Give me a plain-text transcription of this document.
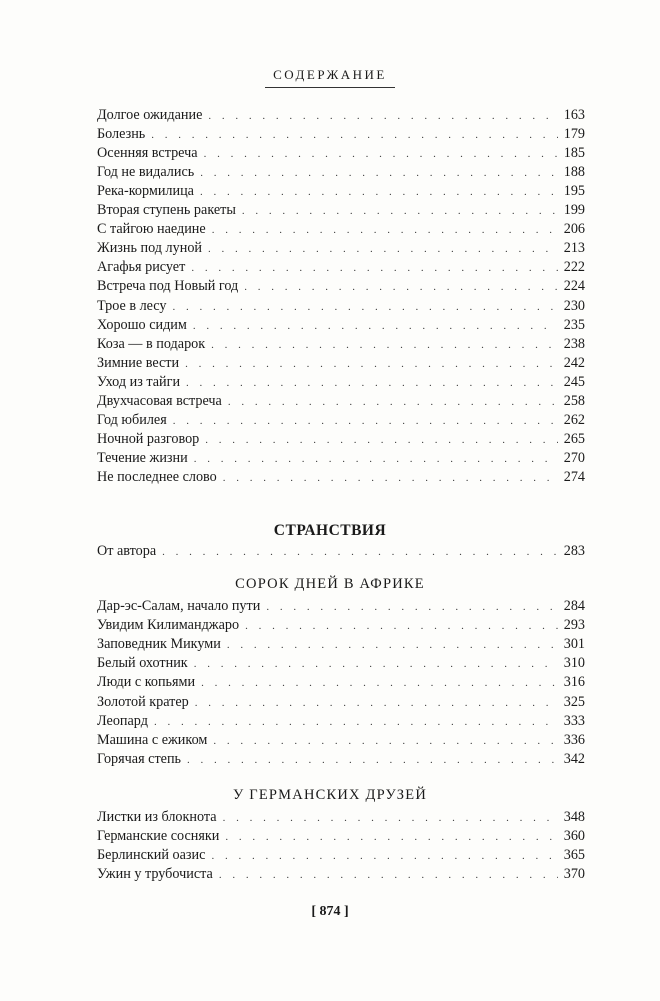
СОДЕРЖАНИЕ
Долгое ожидание . . .	163
Болезнь . . .	179
Осенняя встреча . . .	185
Год не видались . . .	188
Река-кормилица . . .	195
Вторая ступень ракеты . . .	199
С тайгою наедине . . .	206
Жизнь под луной . . .	213
Агафья рисует . . .	222
Встреча под Новый год . . .	224
Трое в лесу . . .	230
Хорошо сидим . . .	235
Коза — в подарок . . .	238
Зимние вести . . .	242
Уход из тайги . . .	245
Двухчасовая встреча . . .	258
Год юбилея . . .	262
Ночной разговор . . .	265
Течение жизни . . .	270
Не последнее слово . . .	274
СТРАНСТВИЯ
От автора . . .	283
СОРОК ДНЕЙ В АФРИКЕ
Дар-эс-Салам, начало пути . . .	284
Увидим Килиманджаро . . .	293
Заповедник Микуми . . .	301
Белый охотник . . .	310
Люди с копьями . . .	316
Золотой кратер . . .	325
Леопард . . .	333
Машина с ежиком . . .	336
Горячая степь . . .	342
У ГЕРМАНСКИХ ДРУЗЕЙ
Листки из блокнота . . .	348
Германские сосняки . . .	360
Берлинский оазис . . .	365
Ужин у трубочиста . . .	370
[ 874 ]
